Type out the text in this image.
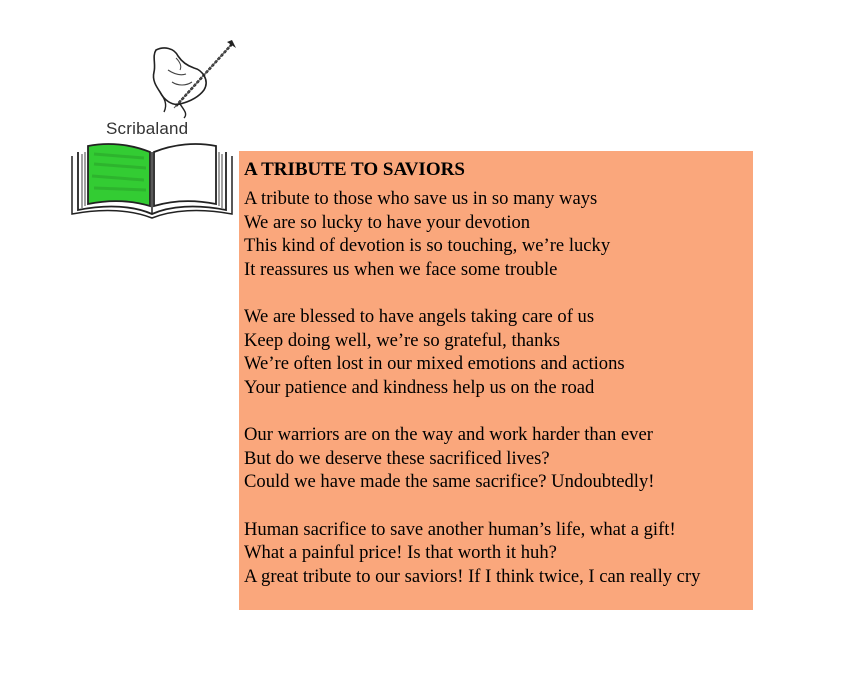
Scribaland
A TRIBUTE TO SAVIORS
A tribute to those who save us in so many ways
We are so lucky to have your devotion
This kind of devotion is so touching, we’re lucky
It reassures us when we face some trouble
We are blessed to have angels taking care of us
Keep doing well, we’re so grateful, thanks
We’re often lost in our mixed emotions and actions
Your patience and kindness help us on the road
Our warriors are on the way and work harder than ever
But do we deserve these sacrificed lives?
Could we have made the same sacrifice? Undoubtedly!
Human sacrifice to save another human’s life, what a gift!
What a painful price! Is that worth it huh?
A great tribute to our saviors! If I think twice, I can really cry
